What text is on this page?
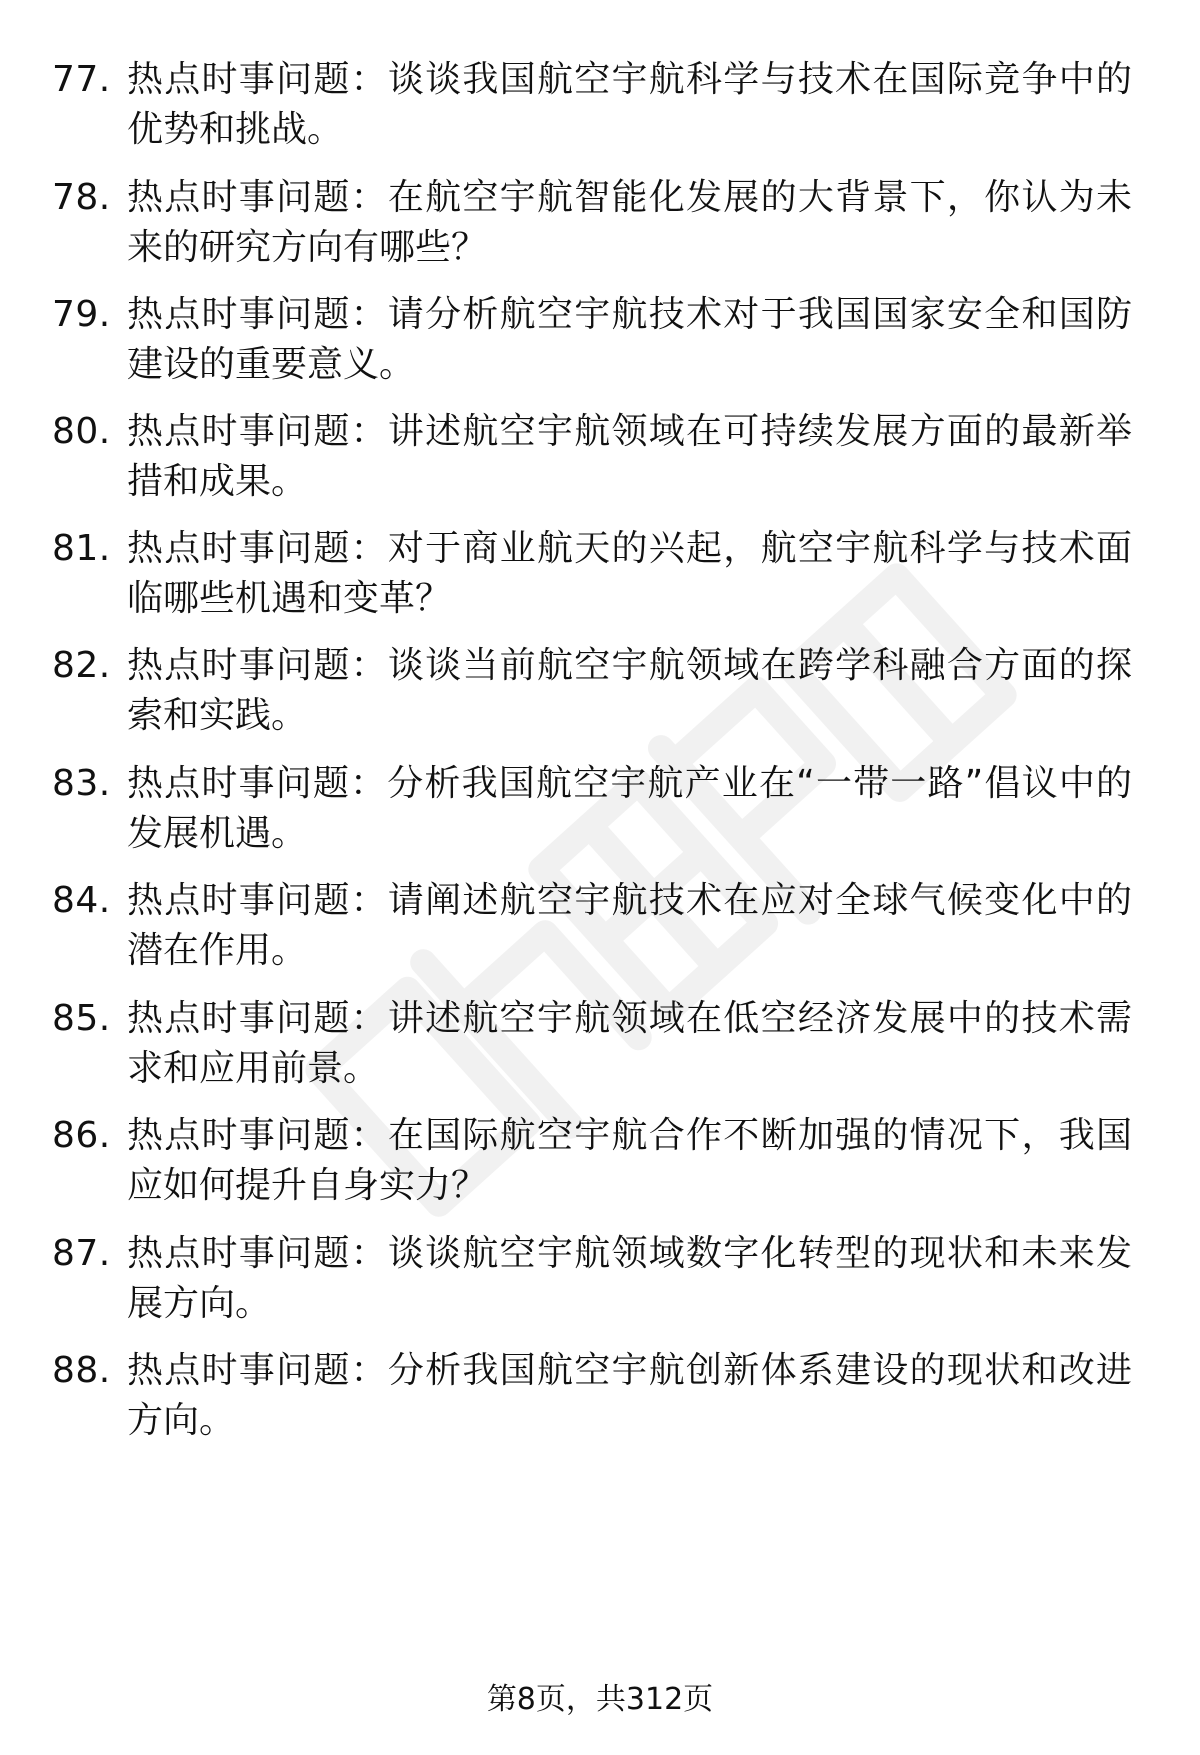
77. 热点时事问题：谈谈我国航空宇航科学与技术在国际竞争中的优势和挑战。
78. 热点时事问题：在航空宇航智能化发展的大背景下，你认为未来的研究方向有哪些？
79. 热点时事问题：请分析航空宇航技术对于我国国家安全和国防建设的重要意义。
80. 热点时事问题：讲述航空宇航领域在可持续发展方面的最新举措和成果。
81. 热点时事问题：对于商业航天的兴起，航空宇航科学与技术面临哪些机遇和变革？
82. 热点时事问题：谈谈当前航空宇航领域在跨学科融合方面的探索和实践。
83. 热点时事问题：分析我国航空宇航产业在“一带一路”倡议中的发展机遇。
84. 热点时事问题：请阐述航空宇航技术在应对全球气候变化中的潜在作用。
85. 热点时事问题：讲述航空宇航领域在低空经济发展中的技术需求和应用前景。
86. 热点时事问题：在国际航空宇航合作不断加强的情况下，我国应如何提升自身实力？
87. 热点时事问题：谈谈航空宇航领域数字化转型的现状和未来发展方向。
88. 热点时事问题：分析我国航空宇航创新体系建设的现状和改进方向。
第8页，共312页
